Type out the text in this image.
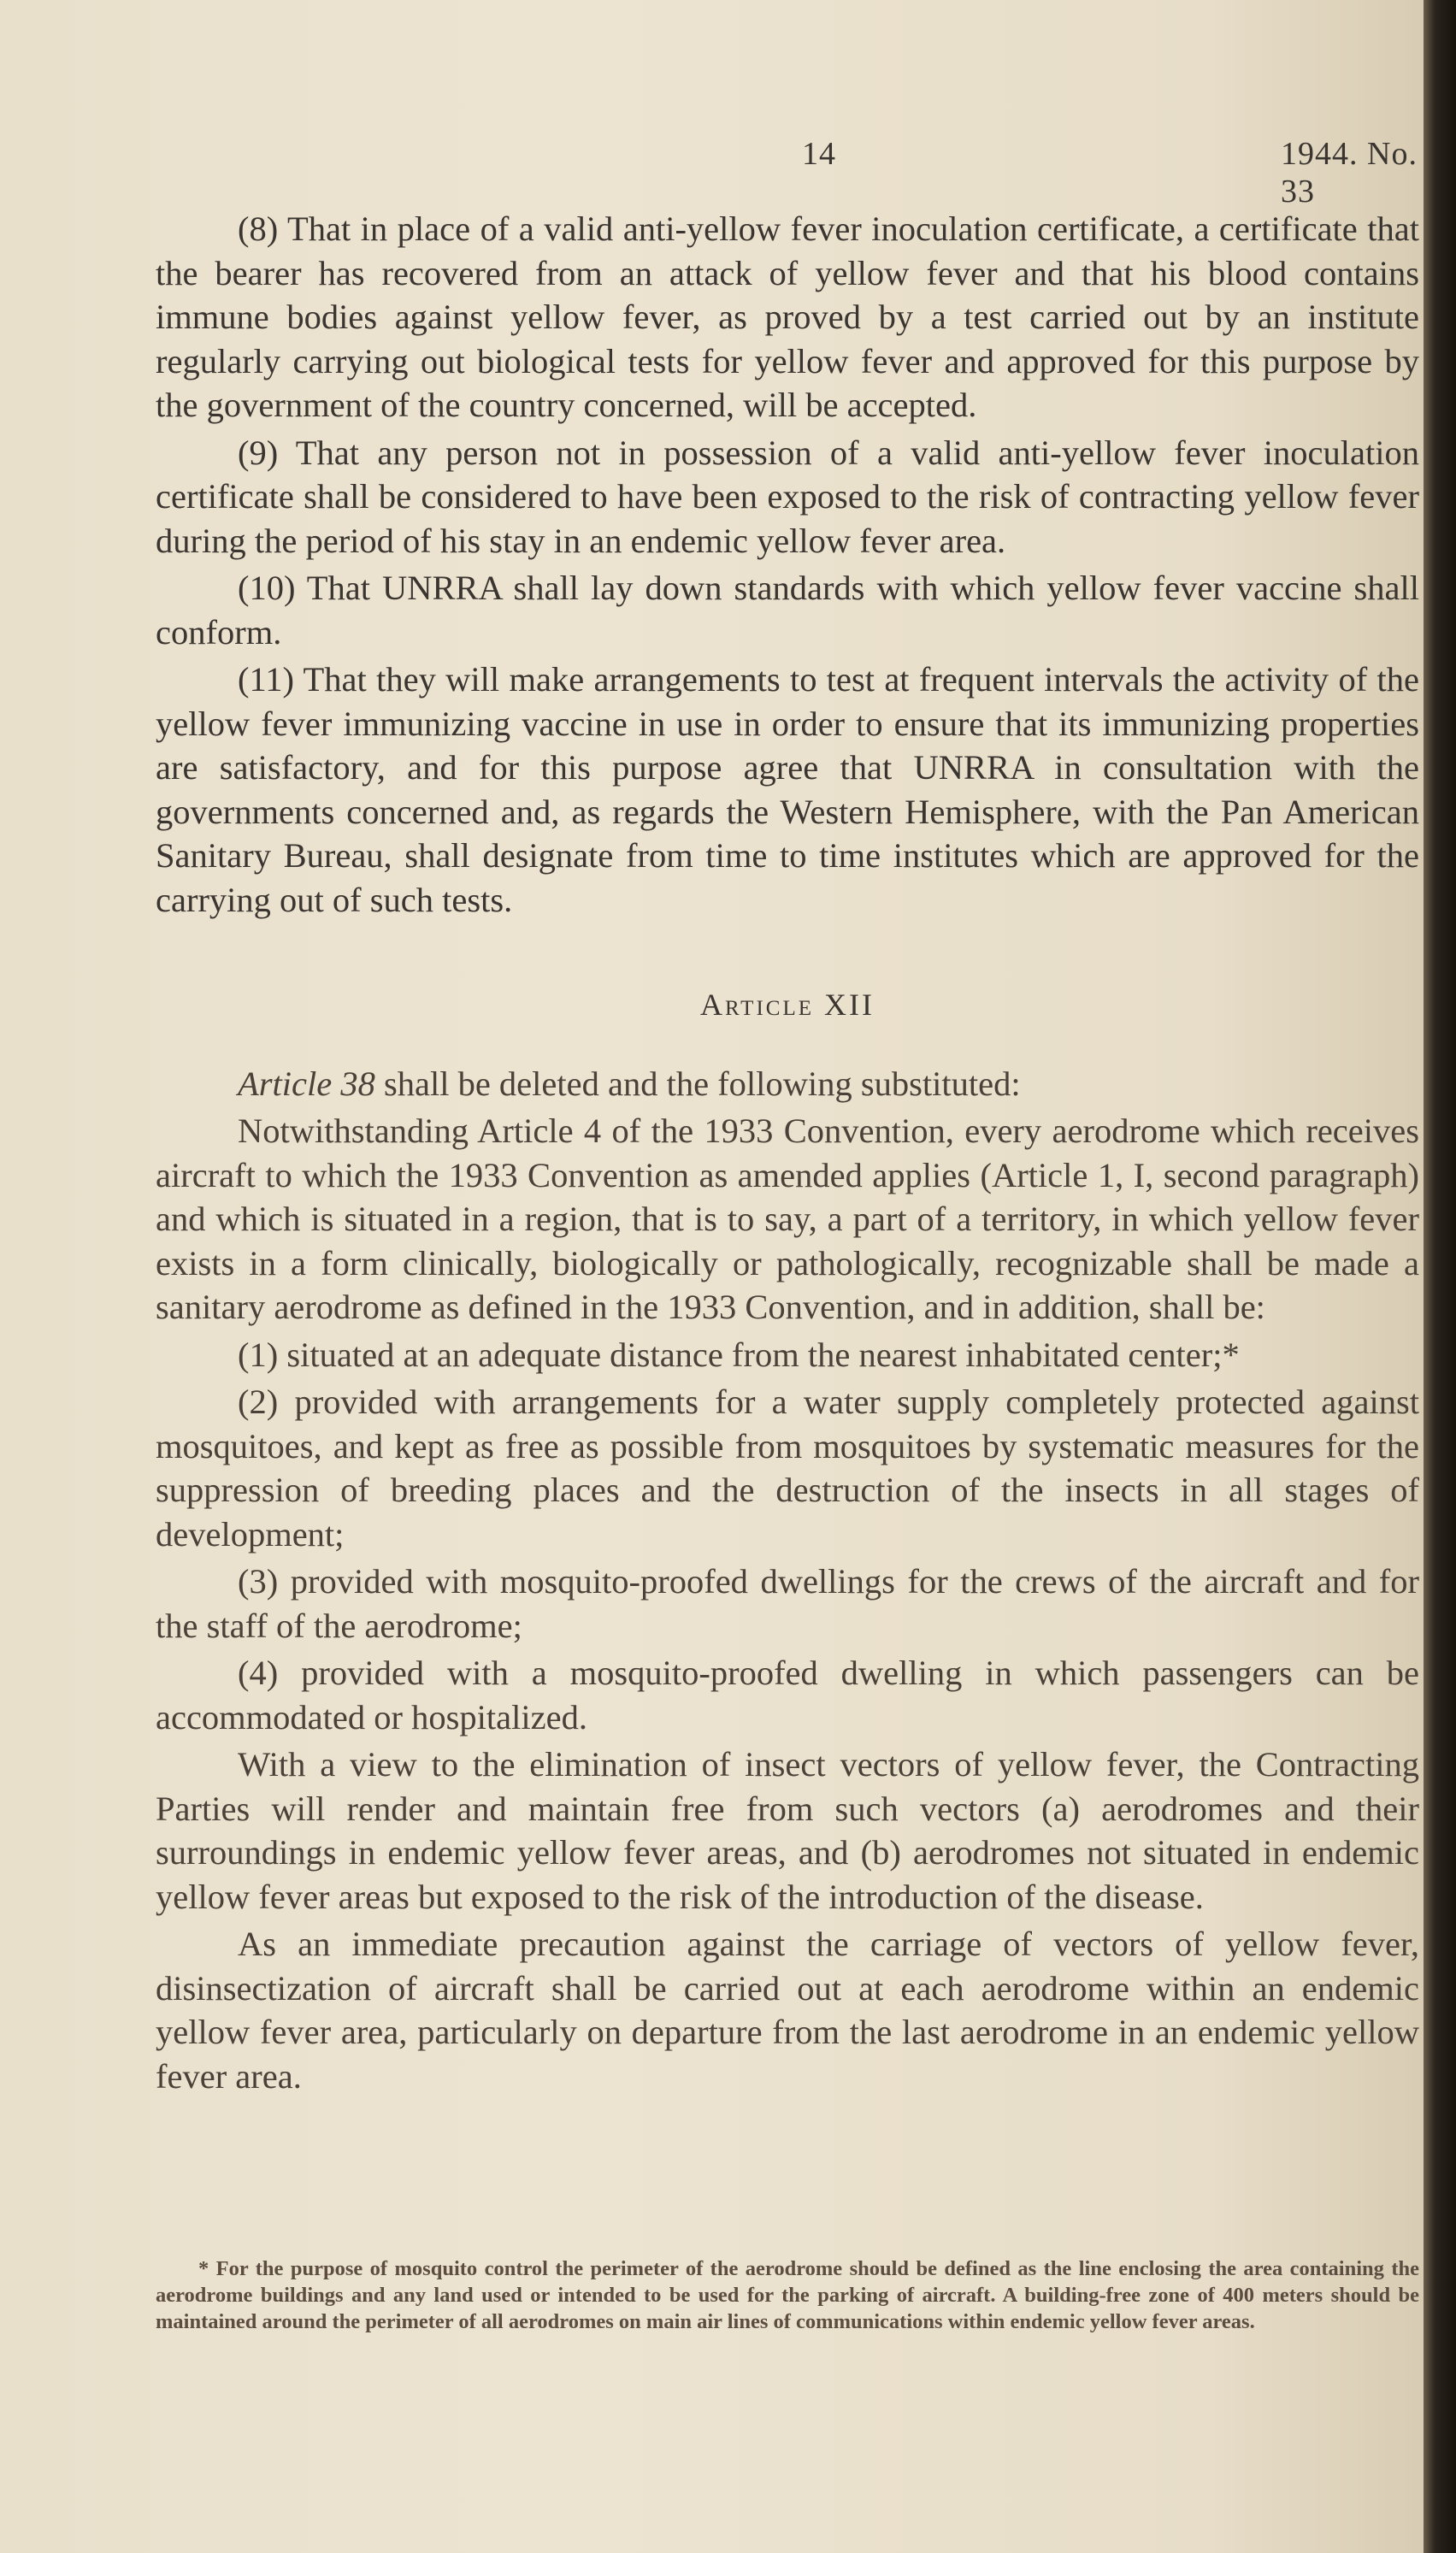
14	1944. No. 33

(8) That in place of a valid anti-yellow fever inoculation certificate, a certificate that the bearer has recovered from an attack of yellow fever and that his blood contains immune bodies against yellow fever, as proved by a test carried out by an institute regularly carrying out biological tests for yellow fever and approved for this purpose by the government of the country concerned, will be accepted.

(9) That any person not in possession of a valid anti-yellow fever inoculation certificate shall be considered to have been exposed to the risk of contracting yellow fever during the period of his stay in an endemic yellow fever area.

(10) That UNRRA shall lay down standards with which yellow fever vaccine shall conform.

(11) That they will make arrangements to test at frequent intervals the activity of the yellow fever immunizing vaccine in use in order to ensure that its immunizing properties are satisfactory, and for this purpose agree that UNRRA in consultation with the governments concerned and, as regards the Western Hemisphere, with the Pan American Sanitary Bureau, shall designate from time to time institutes which are approved for the carrying out of such tests.

Article XII

Article 38 shall be deleted and the following substituted:

Notwithstanding Article 4 of the 1933 Convention, every aerodrome which receives aircraft to which the 1933 Convention as amended applies (Article 1, I, second paragraph) and which is situated in a region, that is to say, a part of a territory, in which yellow fever exists in a form clinically, biologically or pathologically, recognizable shall be made a sanitary aerodrome as defined in the 1933 Convention, and in addition, shall be:

(1) situated at an adequate distance from the nearest inhabitated center;*

(2) provided with arrangements for a water supply completely protected against mosquitoes, and kept as free as possible from mosquitoes by systematic measures for the suppression of breeding places and the destruction of the insects in all stages of development;

(3) provided with mosquito-proofed dwellings for the crews of the aircraft and for the staff of the aerodrome;

(4) provided with a mosquito-proofed dwelling in which passengers can be accommodated or hospitalized.

With a view to the elimination of insect vectors of yellow fever, the Contracting Parties will render and maintain free from such vectors (a) aerodromes and their surroundings in endemic yellow fever areas, and (b) aerodromes not situated in endemic yellow fever areas but exposed to the risk of the introduction of the disease.

As an immediate precaution against the carriage of vectors of yellow fever, disinsectization of aircraft shall be carried out at each aerodrome within an endemic yellow fever area, particularly on departure from the last aerodrome in an endemic yellow fever area.

* For the purpose of mosquito control the perimeter of the aerodrome should be defined as the line enclosing the area containing the aerodrome buildings and any land used or intended to be used for the parking of aircraft. A building-free zone of 400 meters should be maintained around the perimeter of all aerodromes on main air lines of communications within endemic yellow fever areas.
